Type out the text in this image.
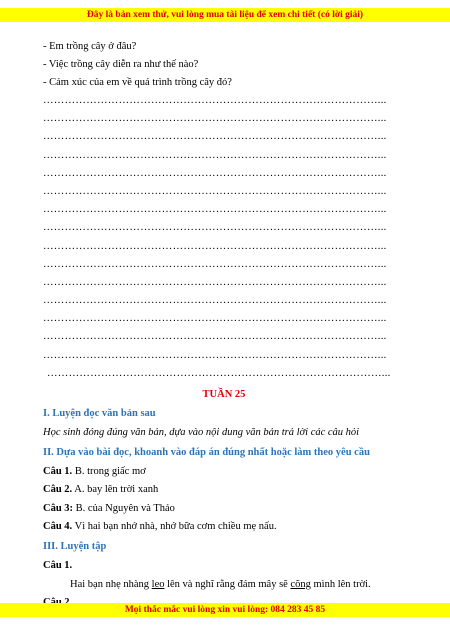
Đây là bản xem thử, vui lòng mua tài liệu để xem chi tiết (có lời giải)
- Em trồng cây ở đâu?
- Việc trồng cây diễn ra như thế nào?
- Cảm xúc của em về quá trình trồng cây đó?
…………………………………………………………………………………...
…………………………………………………………………………………...
…………………………………………………………………………………...
…………………………………………………………………………………...
…………………………………………………………………………………...
…………………………………………………………………………………...
…………………………………………………………………………………...
…………………………………………………………………………………...
…………………………………………………………………………………...
…………………………………………………………………………………...
…………………………………………………………………………………...
…………………………………………………………………………………...
…………………………………………………………………………………...
…………………………………………………………………………………...
…………………………………………………………………………………...
…………………………………………………………………………………...
TUẦN 25
I. Luyện đọc văn bản sau
Học sinh đóng đúng văn bản, dựa vào nội dung văn bản trả lời các câu hỏi
II. Dựa vào bài đọc, khoanh vào đáp án đúng nhất hoặc làm theo yêu cầu
Câu 1. B. trong giấc mơ
Câu 2. A. bay lên trời xanh
Câu 3: B. của Nguyên và Thảo
Câu 4. Vì hai bạn nhớ nhà, nhớ bữa cơm chiều mẹ nấu.
III. Luyện tập
Câu 1.
Hai bạn nhẹ nhàng leo lên và nghĩ rằng đám mây sẽ cõng mình lên trời.
Mọi thắc mắc vui lòng xin vui lòng: 084 283 45 85
